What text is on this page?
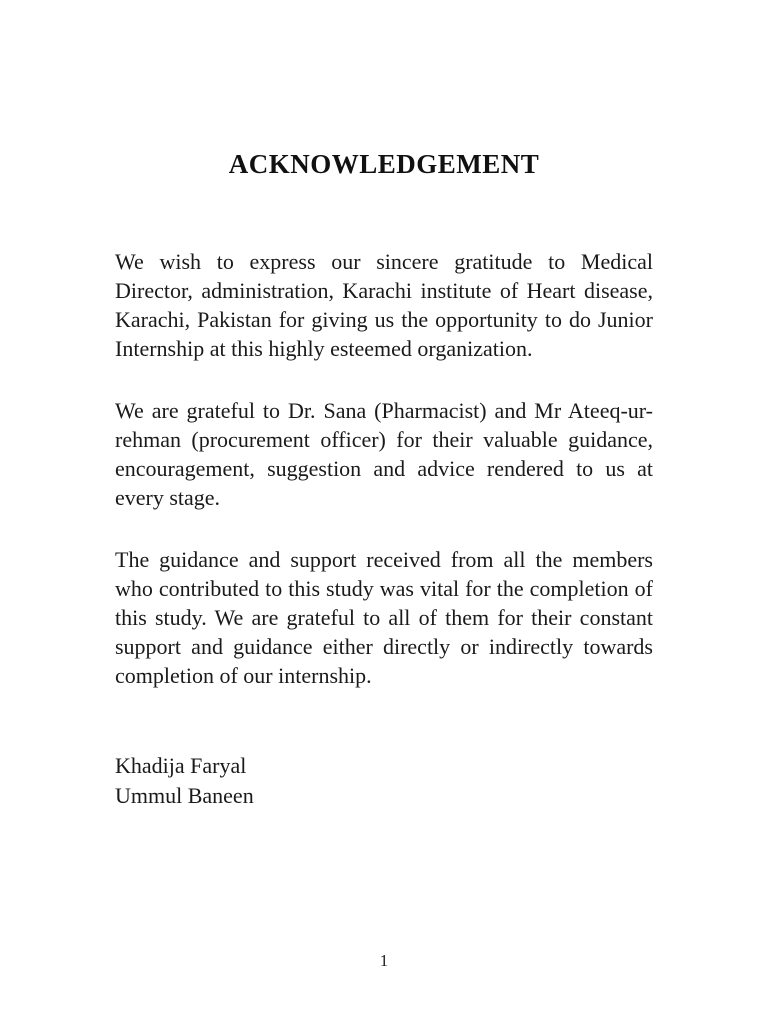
ACKNOWLEDGEMENT

We wish to express our sincere gratitude to Medical Director, administration, Karachi institute of Heart disease, Karachi, Pakistan for giving us the opportunity to do Junior Internship at this highly esteemed organization.

We are grateful to Dr. Sana (Pharmacist) and Mr Ateeq-ur-rehman (procurement officer) for their valuable guidance, encouragement, suggestion and advice rendered to us at every stage.

The guidance and support received from all the members who contributed to this study was vital for the completion of this study. We are grateful to all of them for their constant support and guidance either directly or indirectly towards completion of our internship.

Khadija Faryal
Ummul Baneen
1
